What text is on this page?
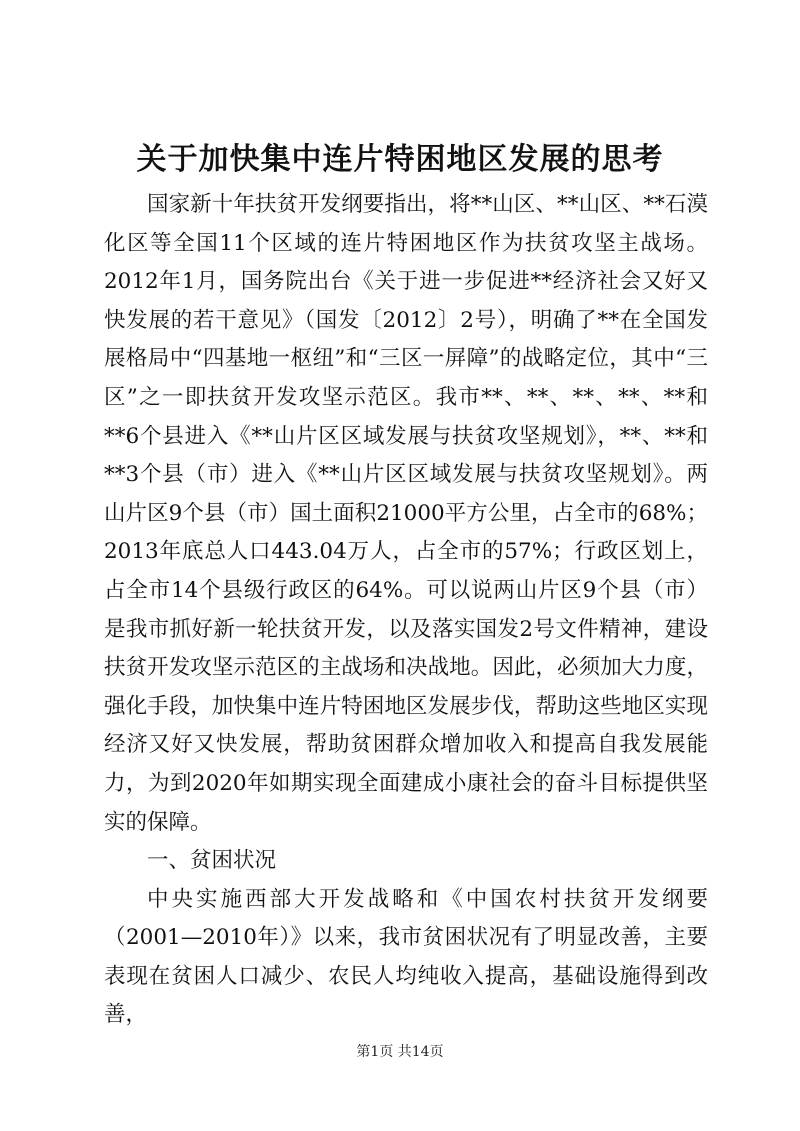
关于加快集中连片特困地区发展的思考

国家新十年扶贫开发纲要指出，将**山区、**山区、**石漠化区等全国11个区域的连片特困地区作为扶贫攻坚主战场。2012年1月，国务院出台《关于进一步促进**经济社会又好又快发展的若干意见》（国发〔2012〕2号），明确了**在全国发展格局中“四基地一枢纽”和“三区一屏障”的战略定位，其中“三区”之一即扶贫开发攻坚示范区。我市**、**、**、**、**和**6个县进入《**山片区区域发展与扶贫攻坚规划》，**、**和**3个县（市）进入《**山片区区域发展与扶贫攻坚规划》。两山片区9个县（市）国土面积21000平方公里，占全市的68%；2013年底总人口443.04万人，占全市的57%；行政区划上，占全市14个县级行政区的64%。可以说两山片区9个县（市）是我市抓好新一轮扶贫开发，以及落实国发2号文件精神，建设扶贫开发攻坚示范区的主战场和决战地。因此，必须加大力度，强化手段，加快集中连片特困地区发展步伐，帮助这些地区实现经济又好又快发展，帮助贫困群众增加收入和提高自我发展能力，为到2020年如期实现全面建成小康社会的奋斗目标提供坚实的保障。

一、贫困状况

中央实施西部大开发战略和《中国农村扶贫开发纲要（2001—2010年）》以来，我市贫困状况有了明显改善，主要表现在贫困人口减少、农民人均纯收入提高，基础设施得到改善，

第1页 共14页
